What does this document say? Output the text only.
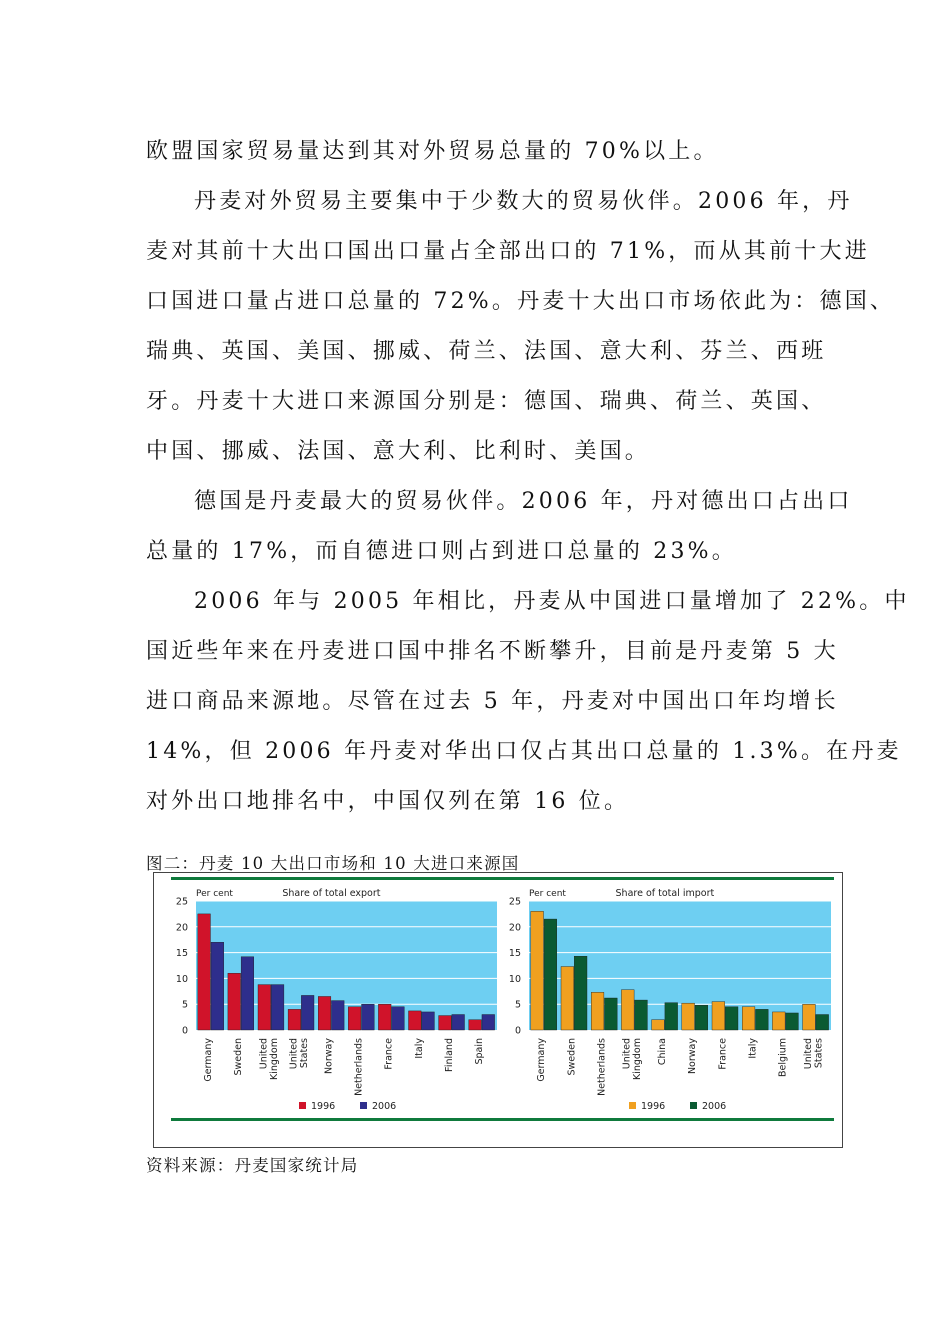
欧盟国家贸易量达到其对外贸易总量的 70%以上。
丹麦对外贸易主要集中于少数大的贸易伙伴。2006 年，丹
麦对其前十大出口国出口量占全部出口的 71%，而从其前十大进
口国进口量占进口总量的 72%。丹麦十大出口市场依此为：德国、
瑞典、英国、美国、挪威、荷兰、法国、意大利、芬兰、西班
牙。丹麦十大进口来源国分别是：德国、瑞典、荷兰、英国、
中国、挪威、法国、意大利、比利时、美国。
德国是丹麦最大的贸易伙伴。2006 年，丹对德出口占出口
总量的 17%，而自德进口则占到进口总量的 23%。
2006 年与 2005 年相比，丹麦从中国进口量增加了 22%。中
国近些年来在丹麦进口国中排名不断攀升，目前是丹麦第 5 大
进口商品来源地。尽管在过去 5 年，丹麦对中国出口年均增长
14%，但 2006 年丹麦对华出口仅占其出口总量的 1.3%。在丹麦
对外出口地排名中，中国仅列在第 16 位。
图二：丹麦 10 大出口市场和 10 大进口来源国
0
5
10
15
20
25
Per cent	Share of total export
Germany Sweden United Kingdom United States Norway Netherlands France Italy Finland Spain
1996	2006
0
5
10
15
20
25
Per cent	Share of total import
Germany Sweden Netherlands United Kingdom China Norway France Italy Belgium United States
1996	2006
资料来源：丹麦国家统计局
